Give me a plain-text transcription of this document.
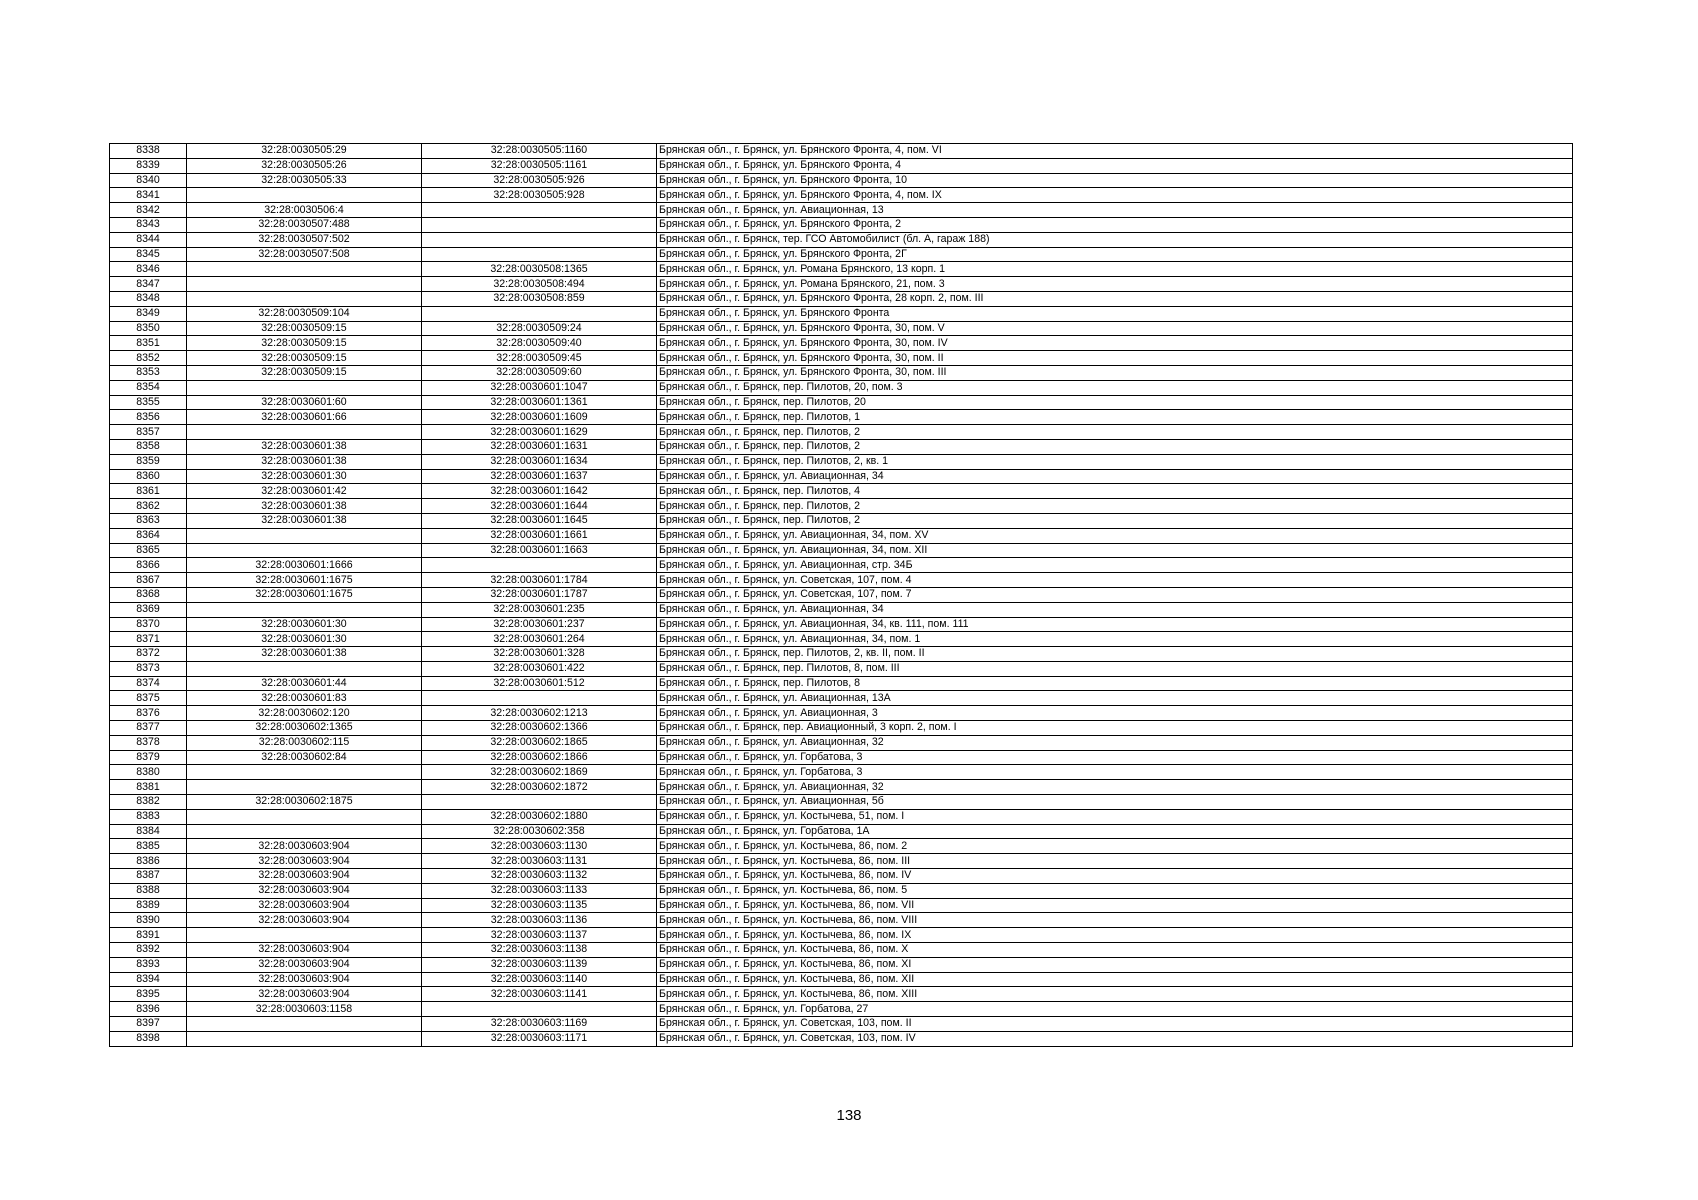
8338	32:28:0030505:29	32:28:0030505:1160	Брянская обл., г. Брянск, ул. Брянского Фронта, 4, пом. VI
8339	32:28:0030505:26	32:28:0030505:1161	Брянская обл., г. Брянск, ул. Брянского Фронта, 4
8340	32:28:0030505:33	32:28:0030505:926	Брянская обл., г. Брянск, ул. Брянского Фронта, 10
8341		32:28:0030505:928	Брянская обл., г. Брянск, ул. Брянского Фронта, 4, пом. IX
8342	32:28:0030506:4		Брянская обл., г. Брянск, ул. Авиационная, 13
8343	32:28:0030507:488		Брянская обл., г. Брянск, ул. Брянского Фронта, 2
8344	32:28:0030507:502		Брянская обл., г. Брянск, тер. ГСО Автомобилист (бл. А, гараж 188)
8345	32:28:0030507:508		Брянская обл., г. Брянск, ул. Брянского Фронта, 2Г
8346		32:28:0030508:1365	Брянская обл., г. Брянск, ул. Романа Брянского, 13 корп. 1
8347		32:28:0030508:494	Брянская обл., г. Брянск, ул. Романа Брянского, 21, пом. 3
8348		32:28:0030508:859	Брянская обл., г. Брянск, ул. Брянского Фронта, 28 корп. 2, пом. III
8349	32:28:0030509:104		Брянская обл., г. Брянск, ул. Брянского Фронта
8350	32:28:0030509:15	32:28:0030509:24	Брянская обл., г. Брянск, ул. Брянского Фронта, 30, пом. V
8351	32:28:0030509:15	32:28:0030509:40	Брянская обл., г. Брянск, ул. Брянского Фронта, 30, пом. IV
8352	32:28:0030509:15	32:28:0030509:45	Брянская обл., г. Брянск, ул. Брянского Фронта, 30, пом. II
8353	32:28:0030509:15	32:28:0030509:60	Брянская обл., г. Брянск, ул. Брянского Фронта, 30, пом. III
8354		32:28:0030601:1047	Брянская обл., г. Брянск, пер. Пилотов, 20, пом. 3
8355	32:28:0030601:60	32:28:0030601:1361	Брянская обл., г. Брянск, пер. Пилотов, 20
8356	32:28:0030601:66	32:28:0030601:1609	Брянская обл., г. Брянск, пер. Пилотов, 1
8357		32:28:0030601:1629	Брянская обл., г. Брянск, пер. Пилотов, 2
8358	32:28:0030601:38	32:28:0030601:1631	Брянская обл., г. Брянск, пер. Пилотов, 2
8359	32:28:0030601:38	32:28:0030601:1634	Брянская обл., г. Брянск, пер. Пилотов, 2, кв. 1
8360	32:28:0030601:30	32:28:0030601:1637	Брянская обл., г. Брянск, ул. Авиационная, 34
8361	32:28:0030601:42	32:28:0030601:1642	Брянская обл., г. Брянск, пер. Пилотов, 4
8362	32:28:0030601:38	32:28:0030601:1644	Брянская обл., г. Брянск, пер. Пилотов, 2
8363	32:28:0030601:38	32:28:0030601:1645	Брянская обл., г. Брянск, пер. Пилотов, 2
8364		32:28:0030601:1661	Брянская обл., г. Брянск, ул. Авиационная, 34, пом. XV
8365		32:28:0030601:1663	Брянская обл., г. Брянск, ул. Авиационная, 34, пом. XII
8366	32:28:0030601:1666		Брянская обл., г. Брянск, ул. Авиационная, стр. 34Б
8367	32:28:0030601:1675	32:28:0030601:1784	Брянская обл., г. Брянск, ул. Советская, 107, пом. 4
8368	32:28:0030601:1675	32:28:0030601:1787	Брянская обл., г. Брянск, ул. Советская, 107, пом. 7
8369		32:28:0030601:235	Брянская обл., г. Брянск, ул. Авиационная, 34
8370	32:28:0030601:30	32:28:0030601:237	Брянская обл., г. Брянск, ул. Авиационная, 34, кв. 111, пом. 111
8371	32:28:0030601:30	32:28:0030601:264	Брянская обл., г. Брянск, ул. Авиационная, 34, пом. 1
8372	32:28:0030601:38	32:28:0030601:328	Брянская обл., г. Брянск, пер. Пилотов, 2, кв. II, пом. II
8373		32:28:0030601:422	Брянская обл., г. Брянск, пер. Пилотов, 8, пом. III
8374	32:28:0030601:44	32:28:0030601:512	Брянская обл., г. Брянск, пер. Пилотов, 8
8375	32:28:0030601:83		Брянская обл., г. Брянск, ул. Авиационная, 13А
8376	32:28:0030602:120	32:28:0030602:1213	Брянская обл., г. Брянск, ул. Авиационная, 3
8377	32:28:0030602:1365	32:28:0030602:1366	Брянская обл., г. Брянск, пер. Авиационный, 3 корп. 2, пом. I
8378	32:28:0030602:115	32:28:0030602:1865	Брянская обл., г. Брянск, ул. Авиационная, 32
8379	32:28:0030602:84	32:28:0030602:1866	Брянская обл., г. Брянск, ул. Горбатова, 3
8380		32:28:0030602:1869	Брянская обл., г. Брянск, ул. Горбатова, 3
8381		32:28:0030602:1872	Брянская обл., г. Брянск, ул. Авиационная, 32
8382	32:28:0030602:1875		Брянская обл., г. Брянск, ул. Авиационная, 5б
8383		32:28:0030602:1880	Брянская обл., г. Брянск, ул. Костычева, 51, пом. I
8384		32:28:0030602:358	Брянская обл., г. Брянск, ул. Горбатова, 1А
8385	32:28:0030603:904	32:28:0030603:1130	Брянская обл., г. Брянск, ул. Костычева, 86, пом. 2
8386	32:28:0030603:904	32:28:0030603:1131	Брянская обл., г. Брянск, ул. Костычева, 86, пом. III
8387	32:28:0030603:904	32:28:0030603:1132	Брянская обл., г. Брянск, ул. Костычева, 86, пом. IV
8388	32:28:0030603:904	32:28:0030603:1133	Брянская обл., г. Брянск, ул. Костычева, 86, пом. 5
8389	32:28:0030603:904	32:28:0030603:1135	Брянская обл., г. Брянск, ул. Костычева, 86, пом. VII
8390	32:28:0030603:904	32:28:0030603:1136	Брянская обл., г. Брянск, ул. Костычева, 86, пом. VIII
8391		32:28:0030603:1137	Брянская обл., г. Брянск, ул. Костычева, 86, пом. IX
8392	32:28:0030603:904	32:28:0030603:1138	Брянская обл., г. Брянск, ул. Костычева, 86, пом. X
8393	32:28:0030603:904	32:28:0030603:1139	Брянская обл., г. Брянск, ул. Костычева, 86, пом. XI
8394	32:28:0030603:904	32:28:0030603:1140	Брянская обл., г. Брянск, ул. Костычева, 86, пом. XII
8395	32:28:0030603:904	32:28:0030603:1141	Брянская обл., г. Брянск, ул. Костычева, 86, пом. XIII
8396	32:28:0030603:1158		Брянская обл., г. Брянск, ул. Горбатова, 27
8397		32:28:0030603:1169	Брянская обл., г. Брянск, ул. Советская, 103, пом. II
8398		32:28:0030603:1171	Брянская обл., г. Брянск, ул. Советская, 103, пом. IV
138
